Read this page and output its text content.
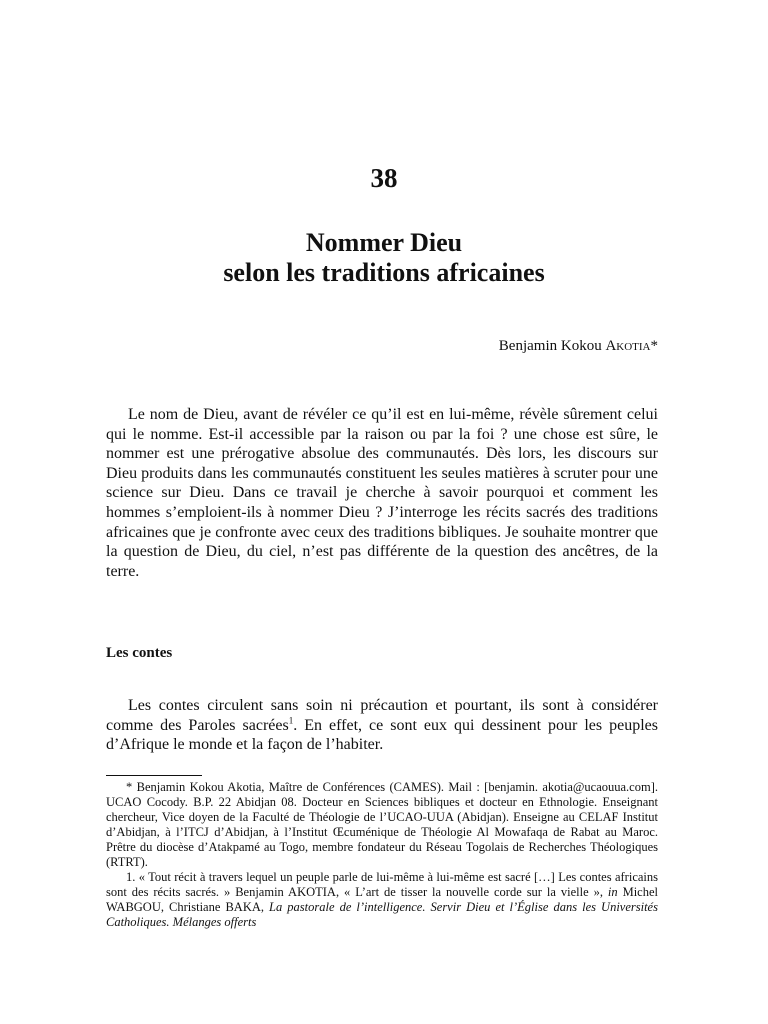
38
Nommer Dieu
selon les traditions africaines
Benjamin Kokou Akotia*

Le nom de Dieu, avant de révéler ce qu’il est en lui-même, révèle sûrement celui qui le nomme. Est-il accessible par la raison ou par la foi ? une chose est sûre, le nommer est une prérogative absolue des communautés. Dès lors, les discours sur Dieu produits dans les communautés constituent les seules matières à scruter pour une science sur Dieu. Dans ce travail je cherche à savoir pourquoi et comment les hommes s’emploient-ils à nommer Dieu ? J’interroge les récits sacrés des traditions africaines que je confronte avec ceux des traditions bibliques. Je souhaite montrer que la question de Dieu, du ciel, n’est pas différente de la question des ancêtres, de la terre.

Les contes

Les contes circulent sans soin ni précaution et pourtant, ils sont à considérer comme des Paroles sacrées$^1$. En effet, ce sont eux qui dessinent pour les peuples d’Afrique le monde et la façon de l’habiter.

* Benjamin Kokou Akotia, Maître de Conférences (CAMES). Mail : [benjamin. akotia@ucaouua.com]. UCAO Cocody. B.P. 22 Abidjan 08. Docteur en Sciences bibliques et docteur en Ethnologie. Enseignant chercheur, Vice doyen de la Faculté de Théologie de l’UCAO-UUA (Abidjan). Enseigne au CELAF Institut d’Abidjan, à l’ITCJ d’Abidjan, à l’Institut Œcuménique de Théologie Al Mowafaqa de Rabat au Maroc. Prêtre du diocèse d’Atakpamé au Togo, membre fondateur du Réseau Togolais de Recherches Théologiques (RTRT).

1. « Tout récit à travers lequel un peuple parle de lui-même à lui-même est sacré […] Les contes africains sont des récits sacrés. » Benjamin AKOTIA, « L’art de tisser la nouvelle corde sur la vielle », in Michel WABGOU, Christiane BAKA, La pastorale de l’intelligence. Servir Dieu et l’Église dans les Universités Catholiques. Mélanges offerts
